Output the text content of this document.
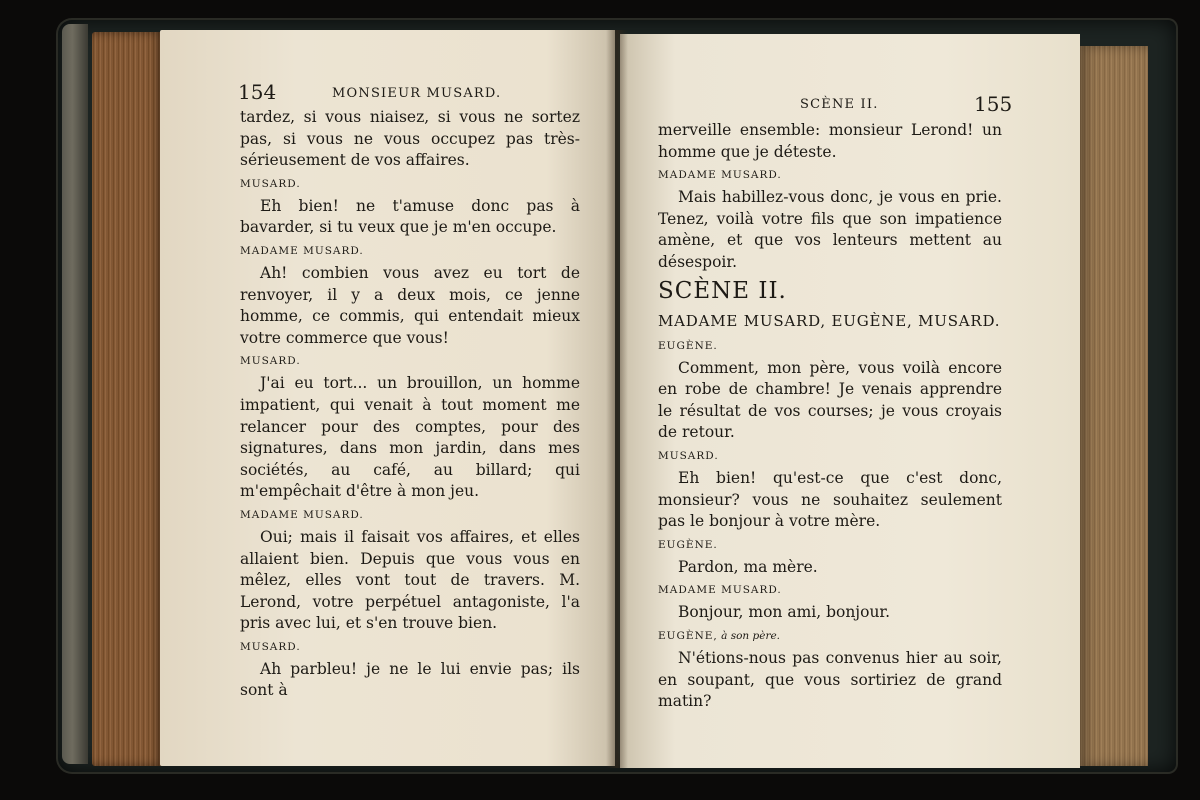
154	MONSIEUR MUSARD.

tardez, si vous niaisez, si vous ne sortez pas, si vous ne vous occupez pas très-sérieusement de vos affaires.

MUSARD.

Eh bien! ne t'amuse donc pas à bavarder, si tu veux que je m'en occupe.

MADAME MUSARD.

Ah! combien vous avez eu tort de renvoyer, il y a deux mois, ce jenne homme, ce commis, qui entendait mieux votre commerce que vous!

MUSARD.

J'ai eu tort... un brouillon, un homme impatient, qui venait à tout moment me relancer pour des comptes, pour des signatures, dans mon jardin, dans mes sociétés, au café, au billard; qui m'empêchait d'être à mon jeu.

MADAME MUSARD.

Oui; mais il faisait vos affaires, et elles allaient bien. Depuis que vous vous en mêlez, elles vont tout de travers. M. Lerond, votre perpétuel antagoniste, l'a pris avec lui, et s'en trouve bien.

MUSARD.

Ah parbleu! je ne le lui envie pas; ils sont à

SCÈNE II.	155

merveille ensemble: monsieur Lerond! un homme que je déteste.

MADAME MUSARD.

Mais habillez-vous donc, je vous en prie. Tenez, voilà votre fils que son impatience amène, et que vos lenteurs mettent au désespoir.

SCÈNE II.

MADAME MUSARD, EUGÈNE, MUSARD.

EUGÈNE.

Comment, mon père, vous voilà encore en robe de chambre! Je venais apprendre le résultat de vos courses; je vous croyais de retour.

MUSARD.

Eh bien! qu'est-ce que c'est donc, monsieur? vous ne souhaitez seulement pas le bonjour à votre mère.

EUGÈNE.

Pardon, ma mère.

MADAME MUSARD.

Bonjour, mon ami, bonjour.

EUGÈNE, à son père.

N'étions-nous pas convenus hier au soir, en soupant, que vous sortiriez de grand matin?
